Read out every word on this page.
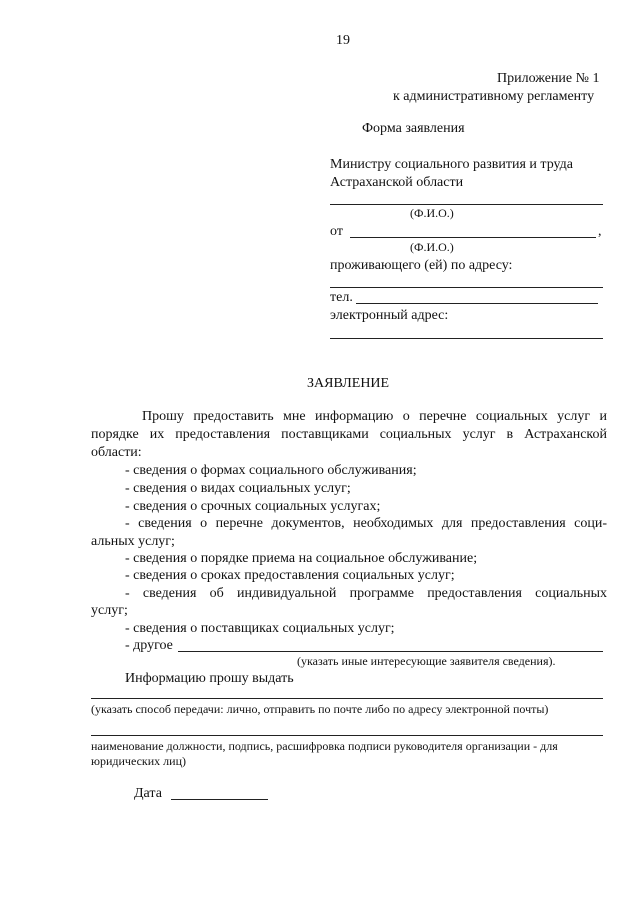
19
Приложение № 1
к административному регламенту
Форма заявления
Министру социального развития и труда
Астраханской области
(Ф.И.О.)
от	,
(Ф.И.О.)
проживающего (ей) по адресу:
тел.
электронный адрес:
ЗАЯВЛЕНИЕ
Прошу предоставить мне информацию о перечне социальных услуг и
порядке их предоставления поставщиками социальных услуг в Астраханской
области:
- сведения о формах социального обслуживания;
- сведения о видах социальных услуг;
- сведения о срочных социальных услугах;
- сведения о перечне документов, необходимых для предоставления соци-
альных услуг;
- сведения о порядке приема на социальное обслуживание;
- сведения о сроках предоставления социальных услуг;
- сведения об индивидуальной программе предоставления социальных
услуг;
- сведения о поставщиках социальных услуг;
- другое
(указать иные интересующие заявителя сведения).
Информацию прошу выдать
(указать способ передачи: лично, отправить по почте либо по адресу электронной почты)
наименование должности, подпись, расшифровка подписи руководителя организации - для
юридических лиц)
Дата
